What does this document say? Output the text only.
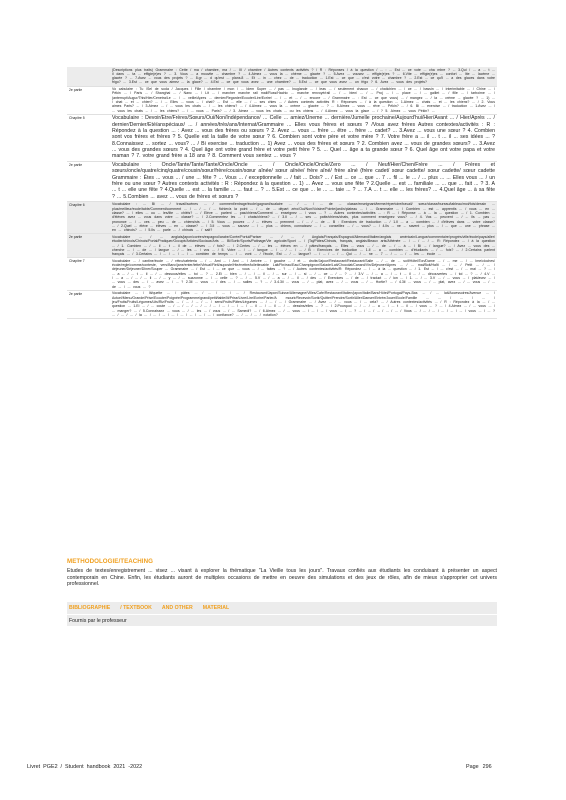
(Descriptions plus traits) Grammaire : Cette / ma / chambre, ma / ... III / chambre / Autres contexts activités ? / R : Réponses / à la question / ... : ... Est ... ce vote ... cha mbre ? ... 3.Qui / ... a ... t ... il dans ... ta ... effigie(e)es ? ... 3. Vous ... a mouvite ... chambre ? ... 4.Aimez ... vous la ... chème ... glacée ? ... 5.Avez ... vousez ... effigie(e)es ? ... 6.Vite ... effigie(e)es ... confort ... lite ... lacème ... glacée ? ... 7.Avez ... vous des projets ? ... 8.gr ... d qu'est ... plans.8 ... Et ... in ... chez ... de ... traduction ... 1.Est ... ce que ... c'est votre ... chambre ? ... 2.Est ... ce qu'il ... a des glaces dans votre frigo? ... 3.Est ... ce que vous aimez ... la glace? ... 4.Est ... ce que vous avez ... une chambre? ... 5.Est ... ce que vous avez ... un frigo ? 6. Avez ... vous des projets?

2e partie	Vo cabulaire : Tu /Sel de soda / Jacques / Fille / chambre / mon / ... Idem Super ... / pas ... Inuglande ... / leas ... / seulement chacun ... / chatichien ... / ce ... / bassin ... / interimitable ... / Chine ... / Pékin ... / Paris ... / Shanghai ... / Nanc ... / Lit ... / marcher marche rail mail/Russ/Hachic ... marche renvoyé/rail ... / ... bien/ ... / ... Proj ... / ... place ... / ... gaillet ... / fille ... / tarboime ... / (anterrupt/Augur/This/Hier/Cenetra/Le ... / ... veille/Apres ... dernier/Regarder/Ecouter/Lire/Ecrire/ ... / ... et ... / ... encore ... / Grammaire ... : Est ... ce que vous) ... / mangez ... / la ... crème ... glacée ? ... 1) ... / chat ... et ... chien? ... / ... Elles ... vous ... / chat? ... Est ... elle ... / ... ses chies ... / Autres contexts activités R : Réponses ... / à la question ... 1.Aimez ... chats ... et ... les chiens? ... / 2. Vous aimes Paris? ... / 3.Aimez ... / ... vous les chats ... / ... les chiens? ... / 4.Aimez ... vous la ... crème ... glacée ... ? ... 5.Aimez ... vous ... rêve ... Pékin? ... / 6. Bi ... exercise ... / traduction ... 1.Avez ... / ... vous les chats ... / ... les chiens? ... / ... vous ... Paris? ... / 3. Aimez ... vous les chats ... ou les chiens ... / 4.Aimez ... vous la glace ... / ? 5. Aimez ... vous Pékin? ...

Chapitre 5	Vocabulaire : Devoir/Être/Frères/Sœurs/Oui/Non/Indépendance/ ... Celle ... amiez/Uneme ... dernière/Jumelle prochaine/Aujourd'hui/Hier/Avant ... / Hier/Après ... / dernier/Dernier/Eté/anspéciaux/ ... / années/très/ans/Internat/Grammaire ... Elles vous frères et sœurs ? /Vous avez frères Autres contextes/activités : R : Répondez à la question ... : Avez ... vous des frères ou sœurs ? 2. Avez ... vous ... frère ... être ... frère ... cadet? ... 3.Avez ... vous une sœur ? 4. Combien sont vos frères et frères ? 5. Quelle est la taille de votre sœur ? 6. Combien sont votre père et votre mère ? 7. Votre frère a ... il ... t ... il ... ses idées ... ? 8.Connaissez ... sortez ... vous? ... / Bi exercise ... traduction ... 1) Avez ... vous des frères et sœurs ? 2. Combien avez ... vous de grandes sœurs? ... 3.Avez ... vous des grandes sœurs ? 4. Quel âge ont votre grand frère et votre petit frère ? 5. ... Quel ... âge a ta grande sœur ? 6. Quel âge ont votre papa et votre maman ? 7. votre grand frère a 18 ans ? 8. Comment vous sentez ... vous ?

2e partie	Vocabulaire : Oncle/Tante/Tante/Tante/Oncle/Oncle ... / Oncle/Oncle/Oncle/Zero ... / Neuf/Hier/Chen/Frère ... / Frères et sœurs/oncle/quatre/cinq/quatre/cousin/sœur/frère/cousin/sœur aînée/ sœur aînée/ frère aîné/ frère aîné (frère cadet/ sœur cadette/ sœur cadette/ sœur cadette Grammaire : Êtes ... vous ... / une ... fête ? ... Vous ... / exceptionnelle ... / fait ... Dois? ... / Est ... ce ... que ... 7 ... fil ... le ... / ... plus ... ... Elles vous ... / un frère ou une sœur ? Autres contexts activités : R : Répondez à la question ... 1) ... Avez ... vous une fête ? 2.Quelle ... est ... familiale ... ... que ... fait ... ? 3. A ... t ... elle une fête ? 4.Quelle ... est ... la famille ... ... faut ... ? ... 5.Est ... ce que ... le ... ... taie ... ? ... 7.A ... t ... elle ... les frères? ... 4.Quel âge ... à sa fête ? ... 5.Combien ... avez ... vous de frères et sœurs ?

Chapitre 6	Vocabulaire : ... Bi ... / travail/scènes ... / comment/entrage/école/gagnant/scalaire ... / ... / ... de ... classe/enseignant/terme/répertoire/travail/ sœur/classe/bureau/tableau/mot/fois/dessin ... plus/meilleur/ecole/table/Comment/comment ... / ... / ... / ... fichier/a la point ... / ... de ... départ zéro/Oui/Non/Voisine/Pointe/jardin/plateau ... / ... Grammaire ... / Combien ... est ... apprentis ... / vous ... en ... classe? ... / elles ... ou ... les/lite ... chiéis? ... / Elève ... parlent ... pas/chiens/Comment ... enseignez ... / vous ... ? ... Autres contextes/activités ... : R ... / Réponse ... à ... la ... question ... / 1. Combien ... d'élèves avez ... vous dans votre ... classe? ... / 2.Commentez les ... / chats/chiens? ... / 3.Il ... / ... ses ... patte/chiens/chats, plus comment enseignez vous? ... / 4. Vos ... peuvent ... / ... ils ... pas ... prononce ... / ... ces ... peu ... de ... chiens/sts ... / 5. Vous ... pouvez ... / ... élèves ... prennent ... / ... / ... de ... B : Exercices de traduction ... / 1.Il ... a ... combien ... / d'élèves dans ... votre classe? ... / 2.Quel ... élève ... élèves ... en ... classe? ... / 3.Il ... vous ... sauvez ... / ... plus ... chiens, connaissez ... / ... conseillez ... / ... vous? ... / 4.Ils ... ne ... savent ... plus ... / ... que ... une ... phrase ... en ... chinois? ... / 5.Ils ... parle ... / chinois ... / sait?

2e partie	Vocabulaire ... / ... anglais/japon/coréen/espagnol/arabe/Corée/Portul/Pariser ... / ... / Anglais/Français/Espagnol/Allemand/Italien/anglais américain/Langue/commentaire/progrès/ville/école/pays/aller/étudier/chinois/Chinois/Portal/Pratiquer/Occupé/Articles/Sociaux/Arts ... Bi/Sortir/Sports/Patinage/Vie agricole/Sport ... / (Taj/Pâtes/Chinois, français, anglais/Beaux arts/Athénée ... / ... / ... / ... R: Répondez ... / à la question ... / 1. Combien ... / ... il ... t ... il de ... élèves ... / fois? ... / 2.Certes ... / ... les ... élèves en ... / pâtes/français. ... Elles ... vous ... / ... de ... / ... à ... / Bi ... / langue? ... / Avez ... vous des ... cherche ... / ... de ... / langue ... / ... les ... / vos ... / 5. Votre ... / ... / langue ... / ... / ... / ... / B : Exercices de traduction ... 1.Il ... a ... combien ... d'étudiants ... / ... fois? ... / 2.Certains parlent français ... / 3.Certains ... / ... / ... / ... / ... combien de temps ... / ... vont ... / l'école, Est ... / ... langue? ... / ... / ... / ... Qui ... / ... ne ... 7 ... / ... ... / ... les ... école ...

Chapitre 7	Vocabulaire ... / cantine/école ... / rétro/cafeteria ... / ... Ami ... / Ami ... / Arrivée ... / gauche ... / et ... droite/Jajour/Restaurant/Restaurant/Salle ... / ... de ... soif/Hôtel/Ton/Dame ... / ... me ... / ... Ime/cloches/école/regle/comme/conteste, vers/Banc/jane/enter/lette/Virtual/Fleit/auposte/Hte/mettre/toilettecable Lait/Fin/eau/Eau/Champignon/Salade/Lait/Chocolat/Canard/Vin/Déjeuner/Apres ... / ... mai/Boit/Haïti ... / ... / Petit ... / ... / déjeuner/Déjeuner/Dîner/Souper ... Grammaire ... / Est ... / ... ce que ... vous ... / ... faites ... ? ... / Autres contextes/activités/R: Répondez ... / ... à la ... question ... / 1. Est ... / ... c'est ... / ... mai ... ? ... / ... a ... / ... t ... il ... / ... dessous/elles ... toi ... ? ... 2.Ei ... bien ... / ... / ... il ... / ... sur ... / ... si ... / ... ce ... / ... ? ... / 3.V ... / ... a ... / ... t ... il ... / ... découvertes ... / toi ... ? ... / 4.V ... / ... a ... / ... / ... il ... / ... y ... / ... suzzonne ... / ... celle ... ? ... / ... 5.V ... / ... a ... / ... il ... / des ... / Exercices ... / de ... / traduct ... / ion ... / 1. ... / ... 3.V ... / ... vous ... / plat/avez ... / ... vous ... des ... / ... avez ... / ... ? 2.3il ... vous ... / des ... / ... salles ... ? ... / 3.4.3il ... vous ... / ... plat, avez ... / ... vous ... / ... Hortie? ... / 4.3il ... vous ... / ... plat, avez ... / ... vous ... / ... de ... / ... vous ... ?

2e partie	Vocabulaire ... / lit/quette ... / pâtes ... / ... / ... / ... / Restaurant/Japon/Suisse/Allemagne/Villes/Cafe/Restaurant/Italien/japon/Italie/Bars/Hôtel/Portugal/Pays-Bas ... / ... lait/Accessoires/Avenue ... / Actuel/Menu/Grande/Prise/Ecouter/Poignée/Programme/grand/petit/table/lit/Prise/Livre/Lire/Ecrire/Parler/A mourir/Recevoir/Sortir/Quitter/Prendre/Sortir/Aller/Danser/Entrée/Jouer/Ecole/Famille ... ... / ... / ... / jeu/Fruits/Fruits/Légumes/Lits/Riz/Fruits ... / ... / ... / ... / sens/Fruits/Pâtes/Légumes ... / ... / ... / Grammaire ... / Avez ... / ... vous ... / ... cela? ... / Autres contextes/activités ... / R : Répondez à la ... / ... question ... 1.Ei ... / ... coute ... / ... / ... / ... / ... / ... / ... / ... / ... / ... il ... / ... il ... / ... dessins/elles ... ? ... / 2.Pourquoi ... / ... / ... a ... / ... t ... il ... / vous ... ? ... / 4.Aimez ... / ... vous ... / ... manger? ... / 5.Connaissez ... vous ... / ... les ... / vous ... / ... Samedi? ... / 6.Aimez ... / ... vous ... / ... / ... / vous ... / ... ? ... / ... / ... / ... / ... / Vous ... / ... / ... / ... / ... / ... / vous ... / ... ? ... / ... / ... / la ... / ... / ... / ... / ... / ... / ... / ... / confiance? ... / ... / ... / notation?

METHODOLOGIE/TEACHING
Etudes de textes/enregistrement ... visez ... visant à explorer la thématique "La Vieille tous les jours". Travaux confiés aux étudiants les conduisant à présenter un aspect contemporain en Chine. Enfin, les étudiants auront de multiples occasions de mettre en oeuvre des simulations et des jeux de rôles, afin de mieux s'approprier cet univers professionnel.
BIBLIOGRAPHIE / TEXTBOOK AND OTHER MATERIAL
Fournis par le professeur
Livret PGE2 / Student handbook 2021 -2022	Page 296
